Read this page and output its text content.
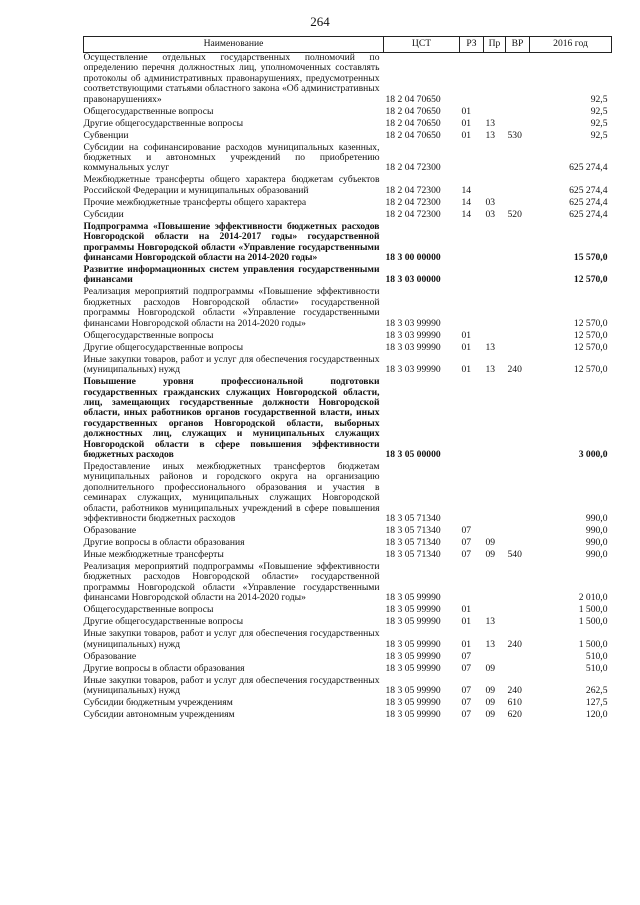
264
Наименование	ЦСТ	РЗ	Пр	ВР	2016 год
Осуществление отдельных государственных полномочий по определению перечня должностных лиц, уполномоченных составлять протоколы об административных правонарушениях, предусмотренных соответствующими статьями областного закона «Об административных правонарушениях»	18 2 04 70650				92,5
Общегосударственные вопросы	18 2 04 70650	01			92,5
Другие общегосударственные вопросы	18 2 04 70650	01	13		92,5
Субвенции	18 2 04 70650	01	13	530	92,5
Субсидии на софинансирование расходов муниципальных казенных, бюджетных и автономных учреждений по приобретению коммунальных услуг	18 2 04 72300				625 274,4
Межбюджетные трансферты общего характера бюджетам субъектов Российской Федерации и муниципальных образований	18 2 04 72300	14			625 274,4
Прочие межбюджетные трансферты общего характера	18 2 04 72300	14	03		625 274,4
Субсидии	18 2 04 72300	14	03	520	625 274,4
Подпрограмма «Повышение эффективности бюджетных расходов Новгородской области на 2014-2017 годы» государственной программы Новгородской области «Управление государственными финансами Новгородской области на 2014-2020 годы»	18 3 00 00000				15 570,0
Развитие информационных систем управления государственными финансами	18 3 03 00000				12 570,0
Реализация мероприятий подпрограммы «Повышение эффективности бюджетных расходов Новгородской области» государственной программы Новгородской области «Управление государственными финансами Новгородской области на 2014-2020 годы»	18 3 03 99990				12 570,0
Общегосударственные вопросы	18 3 03 99990	01			12 570,0
Другие общегосударственные вопросы	18 3 03 99990	01	13		12 570,0
Иные закупки товаров, работ и услуг для обеспечения государственных (муниципальных) нужд	18 3 03 99990	01	13	240	12 570,0
Повышение уровня профессиональной подготовки государственных гражданских служащих Новгородской области, лиц, замещающих государственные должности Новгородской области, иных работников органов государственной власти, иных государственных органов Новгородской области, выборных должностных лиц, служащих и муниципальных служащих Новгородской области в сфере повышения эффективности бюджетных расходов	18 3 05 00000				3 000,0
Предоставление иных межбюджетных трансфертов бюджетам муниципальных районов и городского округа на организацию дополнительного профессионального образования и участия в семинарах служащих, муниципальных служащих Новгородской области, работников муниципальных учреждений в сфере повышения эффективности бюджетных расходов	18 3 05 71340				990,0
Образование	18 3 05 71340	07			990,0
Другие вопросы в области образования	18 3 05 71340	07	09		990,0
Иные межбюджетные трансферты	18 3 05 71340	07	09	540	990,0
Реализация мероприятий подпрограммы «Повышение эффективности бюджетных расходов Новгородской области» государственной программы Новгородской области «Управление государственными финансами Новгородской области на 2014-2020 годы»	18 3 05 99990				2 010,0
Общегосударственные вопросы	18 3 05 99990	01			1 500,0
Другие общегосударственные вопросы	18 3 05 99990	01	13		1 500,0
Иные закупки товаров, работ и услуг для обеспечения государственных (муниципальных) нужд	18 3 05 99990	01	13	240	1 500,0
Образование	18 3 05 99990	07			510,0
Другие вопросы в области образования	18 3 05 99990	07	09		510,0
Иные закупки товаров, работ и услуг для обеспечения государственных (муниципальных) нужд	18 3 05 99990	07	09	240	262,5
Субсидии бюджетным учреждениям	18 3 05 99990	07	09	610	127,5
Субсидии автономным учреждениям	18 3 05 99990	07	09	620	120,0
